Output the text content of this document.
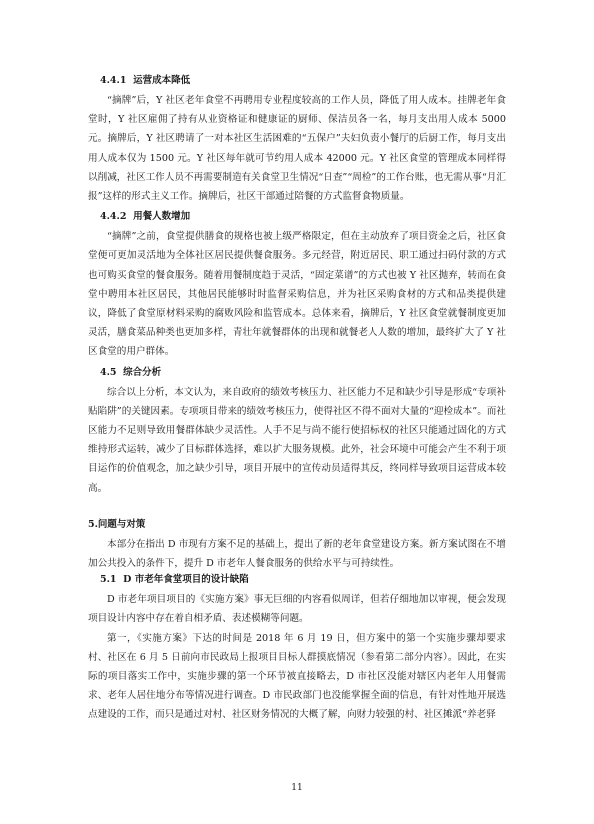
4.4.1 运营成本降低

“摘牌”后，Y 社区老年食堂不再聘用专业程度较高的工作人员，降低了用人成本。挂牌老年食堂时，Y 社区雇佣了持有从业资格证和健康证的厨师、保洁员各一名，每月支出用人成本 5000 元。摘牌后，Y 社区聘请了一对本社区生活困难的“五保户”夫妇负责小餐厅的后厨工作，每月支出用人成本仅为 1500 元。Y 社区每年就可节约用人成本 42000 元。Y 社区食堂的管理成本同样得以削减，社区工作人员不再需要制造有关食堂卫生情况“日查”“周检”的工作台账，也无需从事“月汇报”这样的形式主义工作。摘牌后，社区干部通过陪餐的方式监督食物质量。

4.4.2 用餐人数增加

“摘牌”之前，食堂提供膳食的规格也被上级严格限定，但在主动放弃了项目资金之后，社区食堂便可更加灵活地为全体社区居民提供餐食服务。多元经营，附近居民、职工通过扫码付款的方式也可购买食堂的餐食服务。随着用餐制度趋于灵活，“固定菜谱”的方式也被 Y 社区抛弃，转而在食堂中聘用本社区居民，其他居民能够时时监督采购信息，并为社区采购食材的方式和品类提供建议，降低了食堂原材料采购的腐败风险和监管成本。总体来看，摘牌后，Y 社区食堂就餐制度更加灵活，膳食菜品种类也更加多样，青壮年就餐群体的出现和就餐老人人数的增加，最终扩大了 Y 社区食堂的用户群体。

4.5 综合分析

综合以上分析，本文认为，来自政府的绩效考核压力、社区能力不足和缺少引导是形成“专项补贴陷阱”的关键因素。专项项目带来的绩效考核压力，使得社区不得不面对大量的“迎检成本”。而社区能力不足则导致用餐群体缺少灵活性。人手不足与尚不能行使招标权的社区只能通过固化的方式维持形式运转，减少了目标群体选择，难以扩大服务规模。此外，社会环境中可能会产生不利于项目运作的价值观念，加之缺少引导，项目开展中的宣传动员适得其反，终同样导致项目运营成本较高。

5.问题与对策

本部分在指出 D 市现有方案不足的基础上，提出了新的老年食堂建设方案。新方案试图在不增加公共投入的条件下，提升 D 市老年人餐食服务的供给水平与可持续性。

5.1 D 市老年食堂项目的设计缺陷

D 市老年项目项目的《实施方案》事无巨细的内容看似周详，但若仔细地加以审视，便会发现项目设计内容中存在着自相矛盾、表述模糊等问题。

第一，《实施方案》下达的时间是 2018 年 6 月 19 日，但方案中的第一个实施步骤却要求村、社区在 6 月 5 日前向市民政局上报项目目标人群摸底情况（参看第二部分内容）。因此，在实际的项目落实工作中，实施步骤的第一个环节被直接略去，D 市社区没能对辖区内老年人用餐需求、老年人居住地分布等情况进行调查。D 市民政部门也没能掌握全面的信息，有针对性地开展选点建设的工作，而只是通过对村、社区财务情况的大概了解，向财力较强的村、社区摊派“养老驿

11
